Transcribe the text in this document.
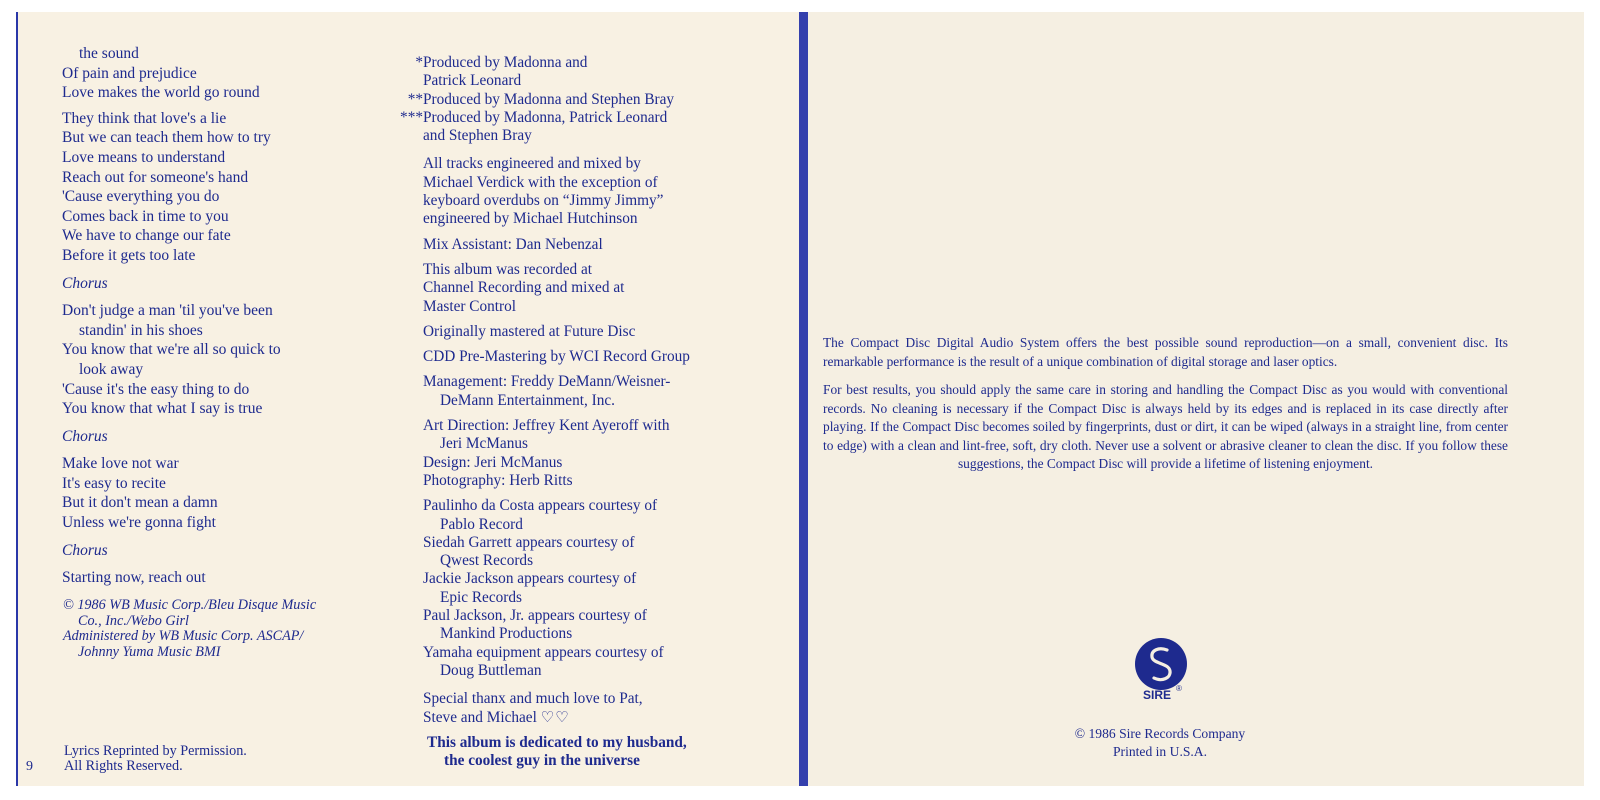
the sound
Of pain and prejudice
Love makes the world go round
They think that love's a lie
But we can teach them how to try
Love means to understand
Reach out for someone's hand
'Cause everything you do
Comes back in time to you
We have to change our fate
Before it gets too late
Chorus
Don't judge a man 'til you've been
standin' in his shoes
You know that we're all so quick to
look away
'Cause it's the easy thing to do
You know that what I say is true
Chorus
Make love not war
It's easy to recite
But it don't mean a damn
Unless we're gonna fight
Chorus
Starting now, reach out
© 1986 WB Music Corp./Bleu Disque Music
Co., Inc./Webo Girl
Administered by WB Music Corp. ASCAP/
Johnny Yuma Music BMI
Lyrics Reprinted by Permission.
All Rights Reserved.
9
*Produced by Madonna and
Patrick Leonard
**Produced by Madonna and Stephen Bray
***Produced by Madonna, Patrick Leonard
and Stephen Bray
All tracks engineered and mixed by
Michael Verdick with the exception of
keyboard overdubs on “Jimmy Jimmy”
engineered by Michael Hutchinson
Mix Assistant: Dan Nebenzal
This album was recorded at
Channel Recording and mixed at
Master Control
Originally mastered at Future Disc
CDD Pre-Mastering by WCI Record Group
Management: Freddy DeMann/Weisner-
DeMann Entertainment, Inc.
Art Direction: Jeffrey Kent Ayeroff with
Jeri McManus
Design: Jeri McManus
Photography: Herb Ritts
Paulinho da Costa appears courtesy of
Pablo Record
Siedah Garrett appears courtesy of
Qwest Records
Jackie Jackson appears courtesy of
Epic Records
Paul Jackson, Jr. appears courtesy of
Mankind Productions
Yamaha equipment appears courtesy of
Doug Buttleman
Special thanx and much love to Pat,
Steve and Michael ♡♡
This album is dedicated to my husband,
the coolest guy in the universe

The Compact Disc Digital Audio System offers the best possible sound reproduction—on a small, convenient disc. Its remarkable performance is the result of a unique combination of digital storage and laser optics.

For best results, you should apply the same care in storing and handling the Compact Disc as you would with conventional records. No cleaning is necessary if the Compact Disc is always held by its edges and is replaced in its case directly after playing. If the Compact Disc becomes soiled by fingerprints, dust or dirt, it can be wiped (always in a straight line, from center to edge) with a clean and lint-free, soft, dry cloth. Never use a solvent or abrasive cleaner to clean the disc. If you follow these suggestions, the Compact Disc will provide a lifetime of listening enjoyment.

SIRE ®
© 1986 Sire Records Company
Printed in U.S.A.
